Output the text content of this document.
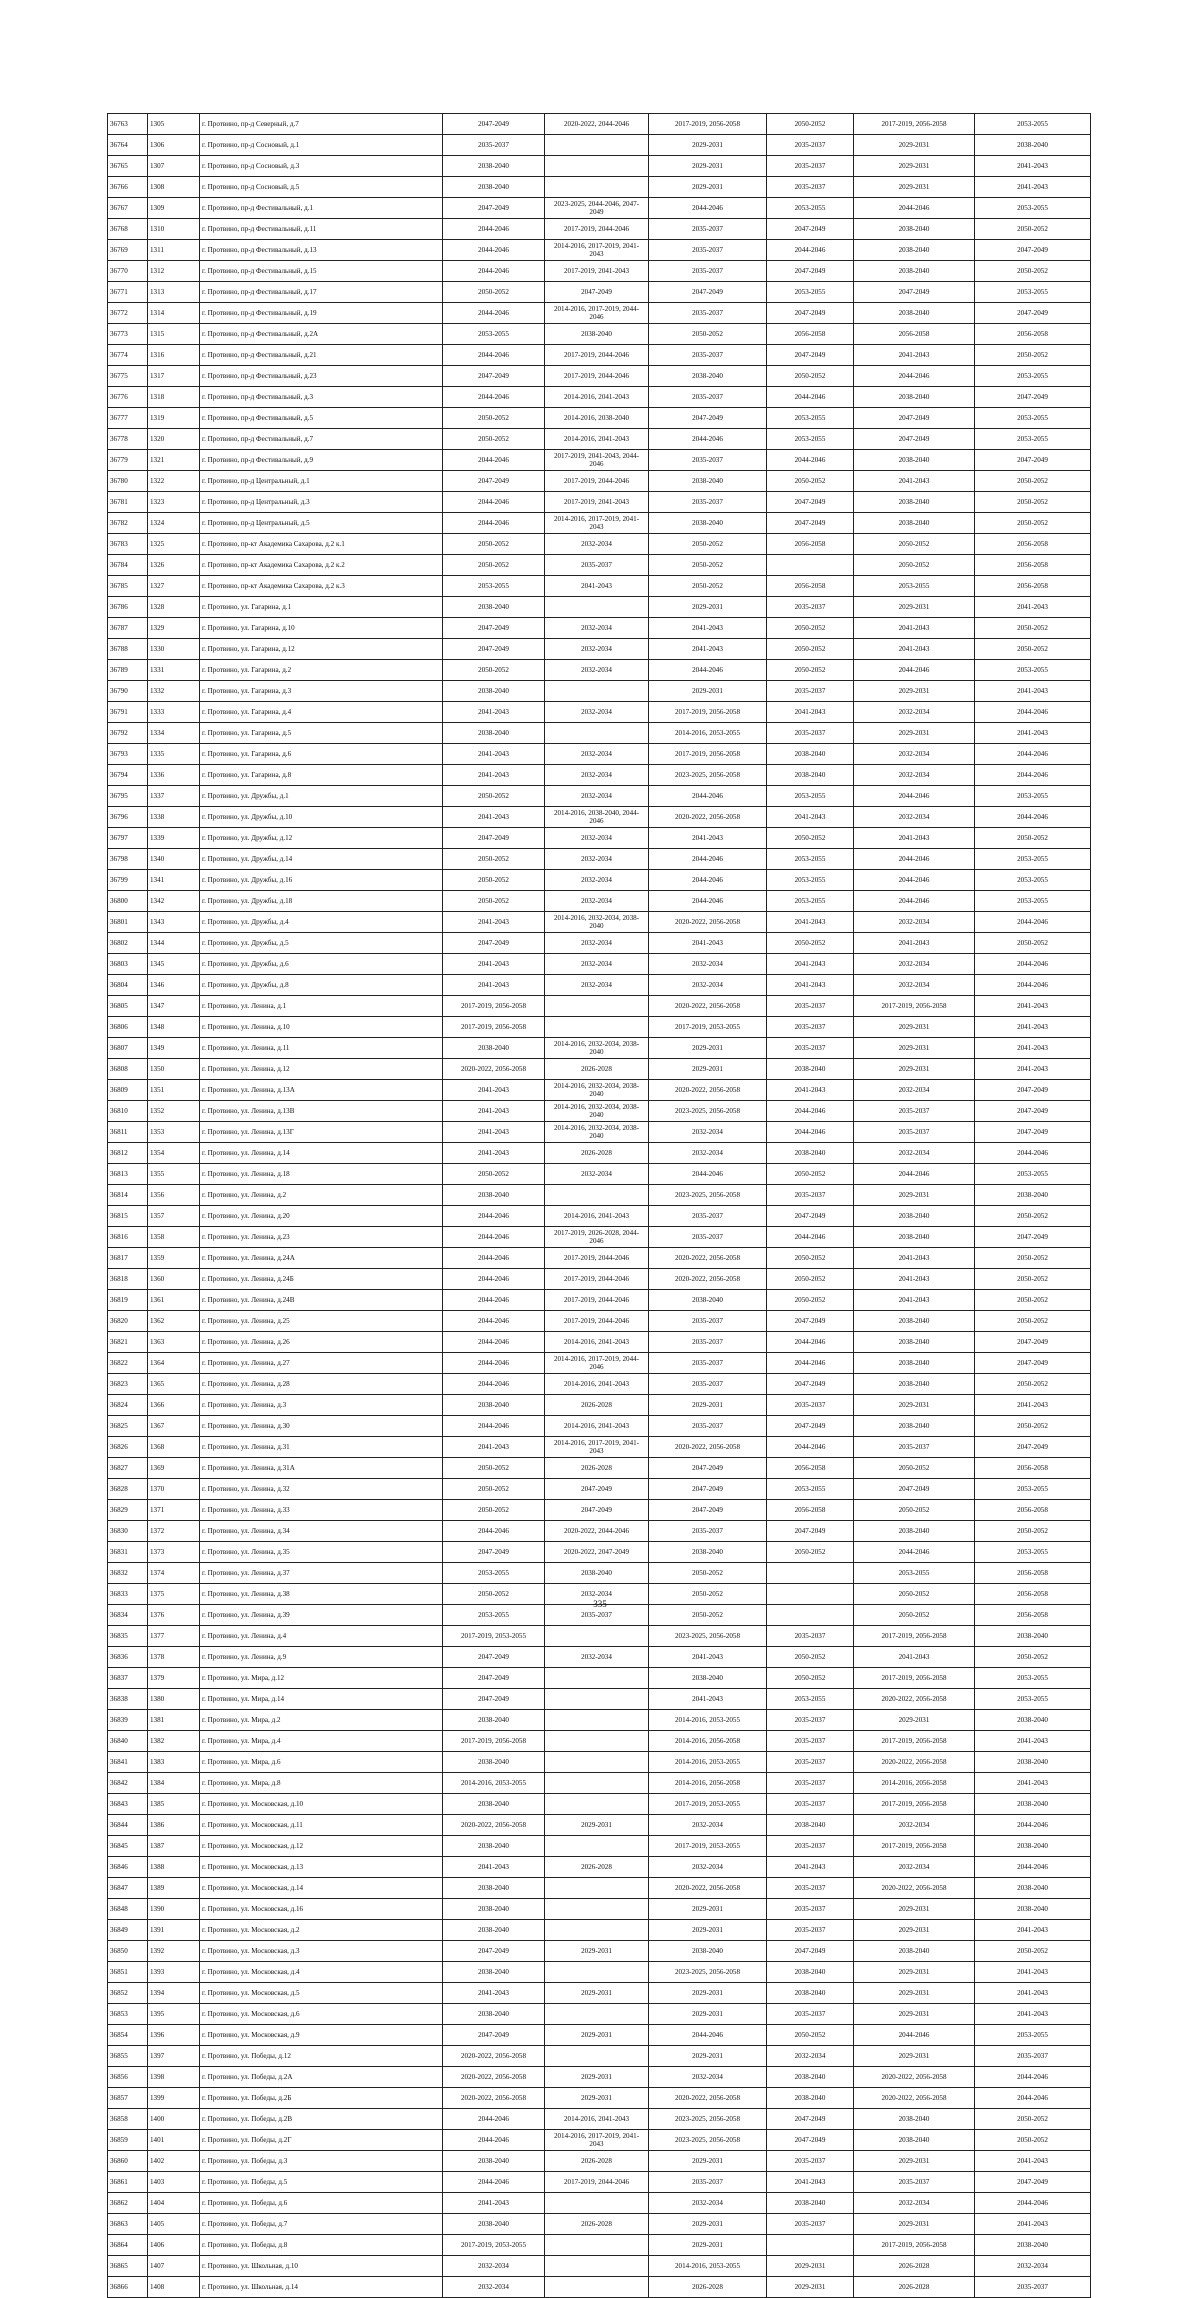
36763	1305	г. Протвино, пр-д Северный, д.7	2047-2049	2020-2022, 2044-2046	2017-2019, 2056-2058	2050-2052	2017-2019, 2056-2058	2053-2055
36764	1306	г. Протвино, пр-д Сосновый, д.1	2035-2037		2029-2031	2035-2037	2029-2031	2038-2040
36765	1307	г. Протвино, пр-д Сосновый, д.3	2038-2040		2029-2031	2035-2037	2029-2031	2041-2043
36766	1308	г. Протвино, пр-д Сосновый, д.5	2038-2040		2029-2031	2035-2037	2029-2031	2041-2043
36767	1309	г. Протвино, пр-д Фестивальный, д.1	2047-2049	2023-2025, 2044-2046, 2047-2049	2044-2046	2053-2055	2044-2046	2053-2055
36768	1310	г. Протвино, пр-д Фестивальный, д.11	2044-2046	2017-2019, 2044-2046	2035-2037	2047-2049	2038-2040	2050-2052
36769	1311	г. Протвино, пр-д Фестивальный, д.13	2044-2046	2014-2016, 2017-2019, 2041-2043	2035-2037	2044-2046	2038-2040	2047-2049
36770	1312	г. Протвино, пр-д Фестивальный, д.15	2044-2046	2017-2019, 2041-2043	2035-2037	2047-2049	2038-2040	2050-2052
36771	1313	г. Протвино, пр-д Фестивальный, д.17	2050-2052	2047-2049	2047-2049	2053-2055	2047-2049	2053-2055
36772	1314	г. Протвино, пр-д Фестивальный, д.19	2044-2046	2014-2016, 2017-2019, 2044-2046	2035-2037	2047-2049	2038-2040	2047-2049
36773	1315	г. Протвино, пр-д Фестивальный, д.2А	2053-2055	2038-2040	2050-2052	2056-2058	2056-2058	2056-2058
36774	1316	г. Протвино, пр-д Фестивальный, д.21	2044-2046	2017-2019, 2044-2046	2035-2037	2047-2049	2041-2043	2050-2052
36775	1317	г. Протвино, пр-д Фестивальный, д.23	2047-2049	2017-2019, 2044-2046	2038-2040	2050-2052	2044-2046	2053-2055
36776	1318	г. Протвино, пр-д Фестивальный, д.3	2044-2046	2014-2016, 2041-2043	2035-2037	2044-2046	2038-2040	2047-2049
36777	1319	г. Протвино, пр-д Фестивальный, д.5	2050-2052	2014-2016, 2038-2040	2047-2049	2053-2055	2047-2049	2053-2055
36778	1320	г. Протвино, пр-д Фестивальный, д.7	2050-2052	2014-2016, 2041-2043	2044-2046	2053-2055	2047-2049	2053-2055
36779	1321	г. Протвино, пр-д Фестивальный, д.9	2044-2046	2017-2019, 2041-2043, 2044-2046	2035-2037	2044-2046	2038-2040	2047-2049
36780	1322	г. Протвино, пр-д Центральный, д.1	2047-2049	2017-2019, 2044-2046	2038-2040	2050-2052	2041-2043	2050-2052
36781	1323	г. Протвино, пр-д Центральный, д.3	2044-2046	2017-2019, 2041-2043	2035-2037	2047-2049	2038-2040	2050-2052
36782	1324	г. Протвино, пр-д Центральный, д.5	2044-2046	2014-2016, 2017-2019, 2041-2043	2038-2040	2047-2049	2038-2040	2050-2052
36783	1325	г. Протвино, пр-кт Академика Сахарова, д.2 к.1	2050-2052	2032-2034	2050-2052	2056-2058	2050-2052	2056-2058
36784	1326	г. Протвино, пр-кт Академика Сахарова, д.2 к.2	2050-2052	2035-2037	2050-2052		2050-2052	2056-2058
36785	1327	г. Протвино, пр-кт Академика Сахарова, д.2 к.3	2053-2055	2041-2043	2050-2052	2056-2058	2053-2055	2056-2058
36786	1328	г. Протвино, ул. Гагарина, д.1	2038-2040		2029-2031	2035-2037	2029-2031	2041-2043
36787	1329	г. Протвино, ул. Гагарина, д.10	2047-2049	2032-2034	2041-2043	2050-2052	2041-2043	2050-2052
36788	1330	г. Протвино, ул. Гагарина, д.12	2047-2049	2032-2034	2041-2043	2050-2052	2041-2043	2050-2052
36789	1331	г. Протвино, ул. Гагарина, д.2	2050-2052	2032-2034	2044-2046	2050-2052	2044-2046	2053-2055
36790	1332	г. Протвино, ул. Гагарина, д.3	2038-2040		2029-2031	2035-2037	2029-2031	2041-2043
36791	1333	г. Протвино, ул. Гагарина, д.4	2041-2043	2032-2034	2017-2019, 2056-2058	2041-2043	2032-2034	2044-2046
36792	1334	г. Протвино, ул. Гагарина, д.5	2038-2040		2014-2016, 2053-2055	2035-2037	2029-2031	2041-2043
36793	1335	г. Протвино, ул. Гагарина, д.6	2041-2043	2032-2034	2017-2019, 2056-2058	2038-2040	2032-2034	2044-2046
36794	1336	г. Протвино, ул. Гагарина, д.8	2041-2043	2032-2034	2023-2025, 2056-2058	2038-2040	2032-2034	2044-2046
36795	1337	г. Протвино, ул. Дружбы, д.1	2050-2052	2032-2034	2044-2046	2053-2055	2044-2046	2053-2055
36796	1338	г. Протвино, ул. Дружбы, д.10	2041-2043	2014-2016, 2038-2040, 2044-2046	2020-2022, 2056-2058	2041-2043	2032-2034	2044-2046
36797	1339	г. Протвино, ул. Дружбы, д.12	2047-2049	2032-2034	2041-2043	2050-2052	2041-2043	2050-2052
36798	1340	г. Протвино, ул. Дружбы, д.14	2050-2052	2032-2034	2044-2046	2053-2055	2044-2046	2053-2055
36799	1341	г. Протвино, ул. Дружбы, д.16	2050-2052	2032-2034	2044-2046	2053-2055	2044-2046	2053-2055
36800	1342	г. Протвино, ул. Дружбы, д.18	2050-2052	2032-2034	2044-2046	2053-2055	2044-2046	2053-2055
36801	1343	г. Протвино, ул. Дружбы, д.4	2041-2043	2014-2016, 2032-2034, 2038-2040	2020-2022, 2056-2058	2041-2043	2032-2034	2044-2046
36802	1344	г. Протвино, ул. Дружбы, д.5	2047-2049	2032-2034	2041-2043	2050-2052	2041-2043	2050-2052
36803	1345	г. Протвино, ул. Дружбы, д.6	2041-2043	2032-2034	2032-2034	2041-2043	2032-2034	2044-2046
36804	1346	г. Протвино, ул. Дружбы, д.8	2041-2043	2032-2034	2032-2034	2041-2043	2032-2034	2044-2046
36805	1347	г. Протвино, ул. Ленина, д.1	2017-2019, 2056-2058		2020-2022, 2056-2058	2035-2037	2017-2019, 2056-2058	2041-2043
36806	1348	г. Протвино, ул. Ленина, д.10	2017-2019, 2056-2058		2017-2019, 2053-2055	2035-2037	2029-2031	2041-2043
36807	1349	г. Протвино, ул. Ленина, д.11	2038-2040	2014-2016, 2032-2034, 2038-2040	2029-2031	2035-2037	2029-2031	2041-2043
36808	1350	г. Протвино, ул. Ленина, д.12	2020-2022, 2056-2058	2026-2028	2029-2031	2038-2040	2029-2031	2041-2043
36809	1351	г. Протвино, ул. Ленина, д.13А	2041-2043	2014-2016, 2032-2034, 2038-2040	2020-2022, 2056-2058	2041-2043	2032-2034	2047-2049
36810	1352	г. Протвино, ул. Ленина, д.13В	2041-2043	2014-2016, 2032-2034, 2038-2040	2023-2025, 2056-2058	2044-2046	2035-2037	2047-2049
36811	1353	г. Протвино, ул. Ленина, д.13Г	2041-2043	2014-2016, 2032-2034, 2038-2040	2032-2034	2044-2046	2035-2037	2047-2049
36812	1354	г. Протвино, ул. Ленина, д.14	2041-2043	2026-2028	2032-2034	2038-2040	2032-2034	2044-2046
36813	1355	г. Протвино, ул. Ленина, д.18	2050-2052	2032-2034	2044-2046	2050-2052	2044-2046	2053-2055
36814	1356	г. Протвино, ул. Ленина, д.2	2038-2040		2023-2025, 2056-2058	2035-2037	2029-2031	2038-2040
36815	1357	г. Протвино, ул. Ленина, д.20	2044-2046	2014-2016, 2041-2043	2035-2037	2047-2049	2038-2040	2050-2052
36816	1358	г. Протвино, ул. Ленина, д.23	2044-2046	2017-2019, 2026-2028, 2044-2046	2035-2037	2044-2046	2038-2040	2047-2049
36817	1359	г. Протвино, ул. Ленина, д.24А	2044-2046	2017-2019, 2044-2046	2020-2022, 2056-2058	2050-2052	2041-2043	2050-2052
36818	1360	г. Протвино, ул. Ленина, д.24Б	2044-2046	2017-2019, 2044-2046	2020-2022, 2056-2058	2050-2052	2041-2043	2050-2052
36819	1361	г. Протвино, ул. Ленина, д.24В	2044-2046	2017-2019, 2044-2046	2038-2040	2050-2052	2041-2043	2050-2052
36820	1362	г. Протвино, ул. Ленина, д.25	2044-2046	2017-2019, 2044-2046	2035-2037	2047-2049	2038-2040	2050-2052
36821	1363	г. Протвино, ул. Ленина, д.26	2044-2046	2014-2016, 2041-2043	2035-2037	2044-2046	2038-2040	2047-2049
36822	1364	г. Протвино, ул. Ленина, д.27	2044-2046	2014-2016, 2017-2019, 2044-2046	2035-2037	2044-2046	2038-2040	2047-2049
36823	1365	г. Протвино, ул. Ленина, д.28	2044-2046	2014-2016, 2041-2043	2035-2037	2047-2049	2038-2040	2050-2052
36824	1366	г. Протвино, ул. Ленина, д.3	2038-2040	2026-2028	2029-2031	2035-2037	2029-2031	2041-2043
36825	1367	г. Протвино, ул. Ленина, д.30	2044-2046	2014-2016, 2041-2043	2035-2037	2047-2049	2038-2040	2050-2052
36826	1368	г. Протвино, ул. Ленина, д.31	2041-2043	2014-2016, 2017-2019, 2041-2043	2020-2022, 2056-2058	2044-2046	2035-2037	2047-2049
36827	1369	г. Протвино, ул. Ленина, д.31А	2050-2052	2026-2028	2047-2049	2056-2058	2050-2052	2056-2058
36828	1370	г. Протвино, ул. Ленина, д.32	2050-2052	2047-2049	2047-2049	2053-2055	2047-2049	2053-2055
36829	1371	г. Протвино, ул. Ленина, д.33	2050-2052	2047-2049	2047-2049	2056-2058	2050-2052	2056-2058
36830	1372	г. Протвино, ул. Ленина, д.34	2044-2046	2020-2022, 2044-2046	2035-2037	2047-2049	2038-2040	2050-2052
36831	1373	г. Протвино, ул. Ленина, д.35	2047-2049	2020-2022, 2047-2049	2038-2040	2050-2052	2044-2046	2053-2055
36832	1374	г. Протвино, ул. Ленина, д.37	2053-2055	2038-2040	2050-2052		2053-2055	2056-2058
36833	1375	г. Протвино, ул. Ленина, д.38	2050-2052	2032-2034	2050-2052		2050-2052	2056-2058
36834	1376	г. Протвино, ул. Ленина, д.39	2053-2055	2035-2037	2050-2052		2050-2052	2056-2058
36835	1377	г. Протвино, ул. Ленина, д.4	2017-2019, 2053-2055		2023-2025, 2056-2058	2035-2037	2017-2019, 2056-2058	2038-2040
36836	1378	г. Протвино, ул. Ленина, д.9	2047-2049	2032-2034	2041-2043	2050-2052	2041-2043	2050-2052
36837	1379	г. Протвино, ул. Мира, д.12	2047-2049		2038-2040	2050-2052	2017-2019, 2056-2058	2053-2055
36838	1380	г. Протвино, ул. Мира, д.14	2047-2049		2041-2043	2053-2055	2020-2022, 2056-2058	2053-2055
36839	1381	г. Протвино, ул. Мира, д.2	2038-2040		2014-2016, 2053-2055	2035-2037	2029-2031	2038-2040
36840	1382	г. Протвино, ул. Мира, д.4	2017-2019, 2056-2058		2014-2016, 2056-2058	2035-2037	2017-2019, 2056-2058	2041-2043
36841	1383	г. Протвино, ул. Мира, д.6	2038-2040		2014-2016, 2053-2055	2035-2037	2020-2022, 2056-2058	2038-2040
36842	1384	г. Протвино, ул. Мира, д.8	2014-2016, 2053-2055		2014-2016, 2056-2058	2035-2037	2014-2016, 2056-2058	2041-2043
36843	1385	г. Протвино, ул. Московская, д.10	2038-2040		2017-2019, 2053-2055	2035-2037	2017-2019, 2056-2058	2038-2040
36844	1386	г. Протвино, ул. Московская, д.11	2020-2022, 2056-2058	2029-2031	2032-2034	2038-2040	2032-2034	2044-2046
36845	1387	г. Протвино, ул. Московская, д.12	2038-2040		2017-2019, 2053-2055	2035-2037	2017-2019, 2056-2058	2038-2040
36846	1388	г. Протвино, ул. Московская, д.13	2041-2043	2026-2028	2032-2034	2041-2043	2032-2034	2044-2046
36847	1389	г. Протвино, ул. Московская, д.14	2038-2040		2020-2022, 2056-2058	2035-2037	2020-2022, 2056-2058	2038-2040
36848	1390	г. Протвино, ул. Московская, д.16	2038-2040		2029-2031	2035-2037	2029-2031	2038-2040
36849	1391	г. Протвино, ул. Московская, д.2	2038-2040		2029-2031	2035-2037	2029-2031	2041-2043
36850	1392	г. Протвино, ул. Московская, д.3	2047-2049	2029-2031	2038-2040	2047-2049	2038-2040	2050-2052
36851	1393	г. Протвино, ул. Московская, д.4	2038-2040		2023-2025, 2056-2058	2038-2040	2029-2031	2041-2043
36852	1394	г. Протвино, ул. Московская, д.5	2041-2043	2029-2031	2029-2031	2038-2040	2029-2031	2041-2043
36853	1395	г. Протвино, ул. Московская, д.6	2038-2040		2029-2031	2035-2037	2029-2031	2041-2043
36854	1396	г. Протвино, ул. Московская, д.9	2047-2049	2029-2031	2044-2046	2050-2052	2044-2046	2053-2055
36855	1397	г. Протвино, ул. Победы, д.12	2020-2022, 2056-2058		2029-2031	2032-2034	2029-2031	2035-2037
36856	1398	г. Протвино, ул. Победы, д.2А	2020-2022, 2056-2058	2029-2031	2032-2034	2038-2040	2020-2022, 2056-2058	2044-2046
36857	1399	г. Протвино, ул. Победы, д.2Б	2020-2022, 2056-2058	2029-2031	2020-2022, 2056-2058	2038-2040	2020-2022, 2056-2058	2044-2046
36858	1400	г. Протвино, ул. Победы, д.2В	2044-2046	2014-2016, 2041-2043	2023-2025, 2056-2058	2047-2049	2038-2040	2050-2052
36859	1401	г. Протвино, ул. Победы, д.2Г	2044-2046	2014-2016, 2017-2019, 2041-2043	2023-2025, 2056-2058	2047-2049	2038-2040	2050-2052
36860	1402	г. Протвино, ул. Победы, д.3	2038-2040	2026-2028	2029-2031	2035-2037	2029-2031	2041-2043
36861	1403	г. Протвино, ул. Победы, д.5	2044-2046	2017-2019, 2044-2046	2035-2037	2041-2043	2035-2037	2047-2049
36862	1404	г. Протвино, ул. Победы, д.6	2041-2043		2032-2034	2038-2040	2032-2034	2044-2046
36863	1405	г. Протвино, ул. Победы, д.7	2038-2040	2026-2028	2029-2031	2035-2037	2029-2031	2041-2043
36864	1406	г. Протвино, ул. Победы, д.8	2017-2019, 2053-2055		2029-2031		2017-2019, 2056-2058	2038-2040
36865	1407	г. Протвино, ул. Школьная, д.10	2032-2034		2014-2016, 2053-2055	2029-2031	2026-2028	2032-2034
36866	1408	г. Протвино, ул. Школьная, д.14	2032-2034		2026-2028	2029-2031	2026-2028	2035-2037
335
